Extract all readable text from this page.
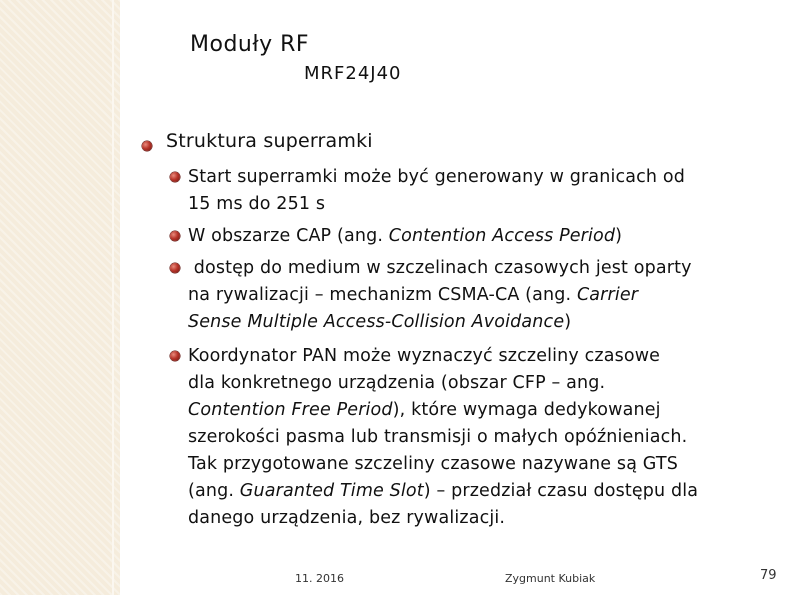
Moduły RF
MRF24J40
Struktura superramki
Start superramki może być generowany w granicach od
15 ms do 251 s
W obszarze CAP (ang. Contention Access Period)
dostęp do medium w szczelinach czasowych jest oparty
na rywalizacji – mechanizm CSMA-CA (ang. Carrier
Sense Multiple Access-Collision Avoidance)
Koordynator PAN może wyznaczyć szczeliny czasowe
dla konkretnego urządzenia (obszar CFP – ang.
Contention Free Period), które wymaga dedykowanej
szerokości pasma lub transmisji o małych opóźnieniach.
Tak przygotowane szczeliny czasowe nazywane są GTS
(ang. Guaranted Time Slot) – przedział czasu dostępu dla
danego urządzenia, bez rywalizacji.
11. 2016	Zygmunt Kubiak	79
